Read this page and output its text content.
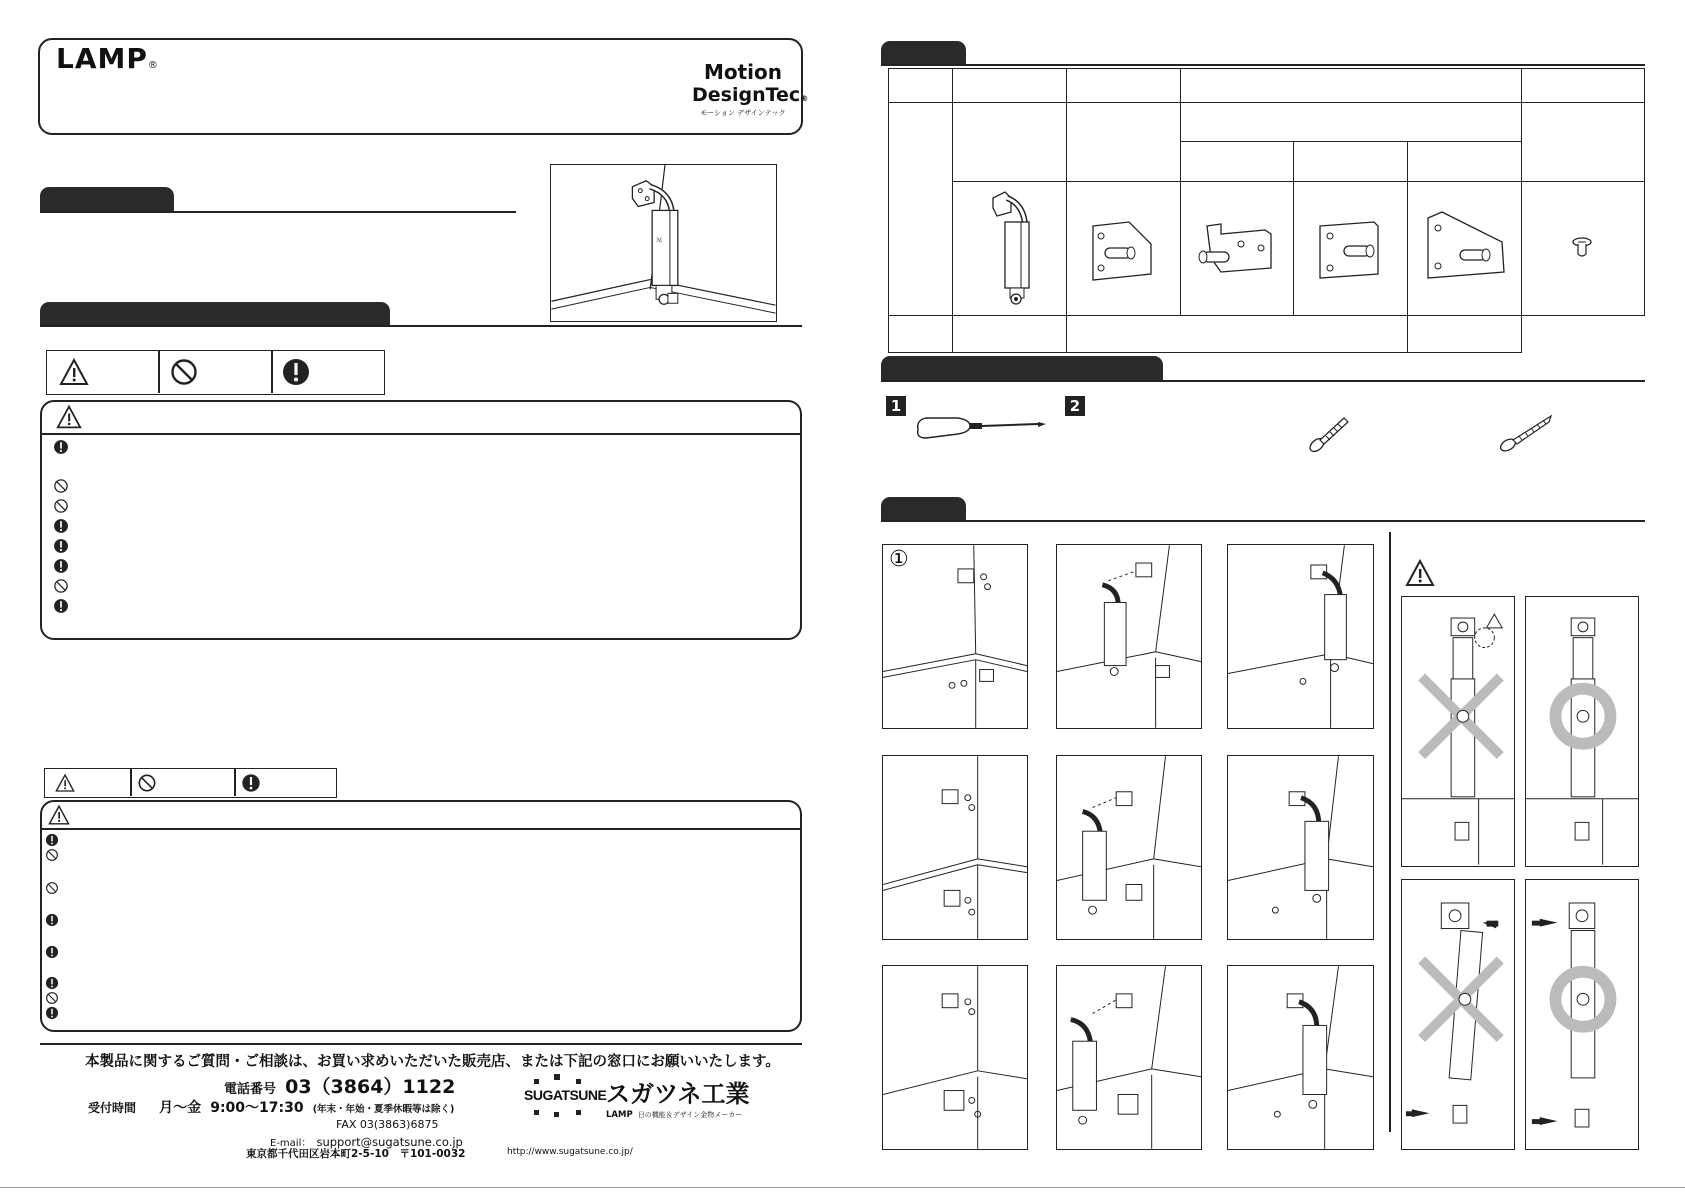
LAMP®	Motion
DesignTec®
モーション デザインテック
ℳ
本製品に関するご質問・ご相談は、お買い求めいただいた販売店、または下記の窓口にお願いいたします。
電話番号 03（3864）1122
受付時間 月〜金 9:00〜17:30 (年末・年始・夏季休暇等は除く)
FAX 03(3863)6875
E-mail： support@sugatsune.co.jp
東京都千代田区岩本町2-5-10　〒101-0032	http://www.sugatsune.co.jp/
SUGATSUNE スガツネ工業
LAMP 日の機能＆デザイン金物メーカー

1	2
①
